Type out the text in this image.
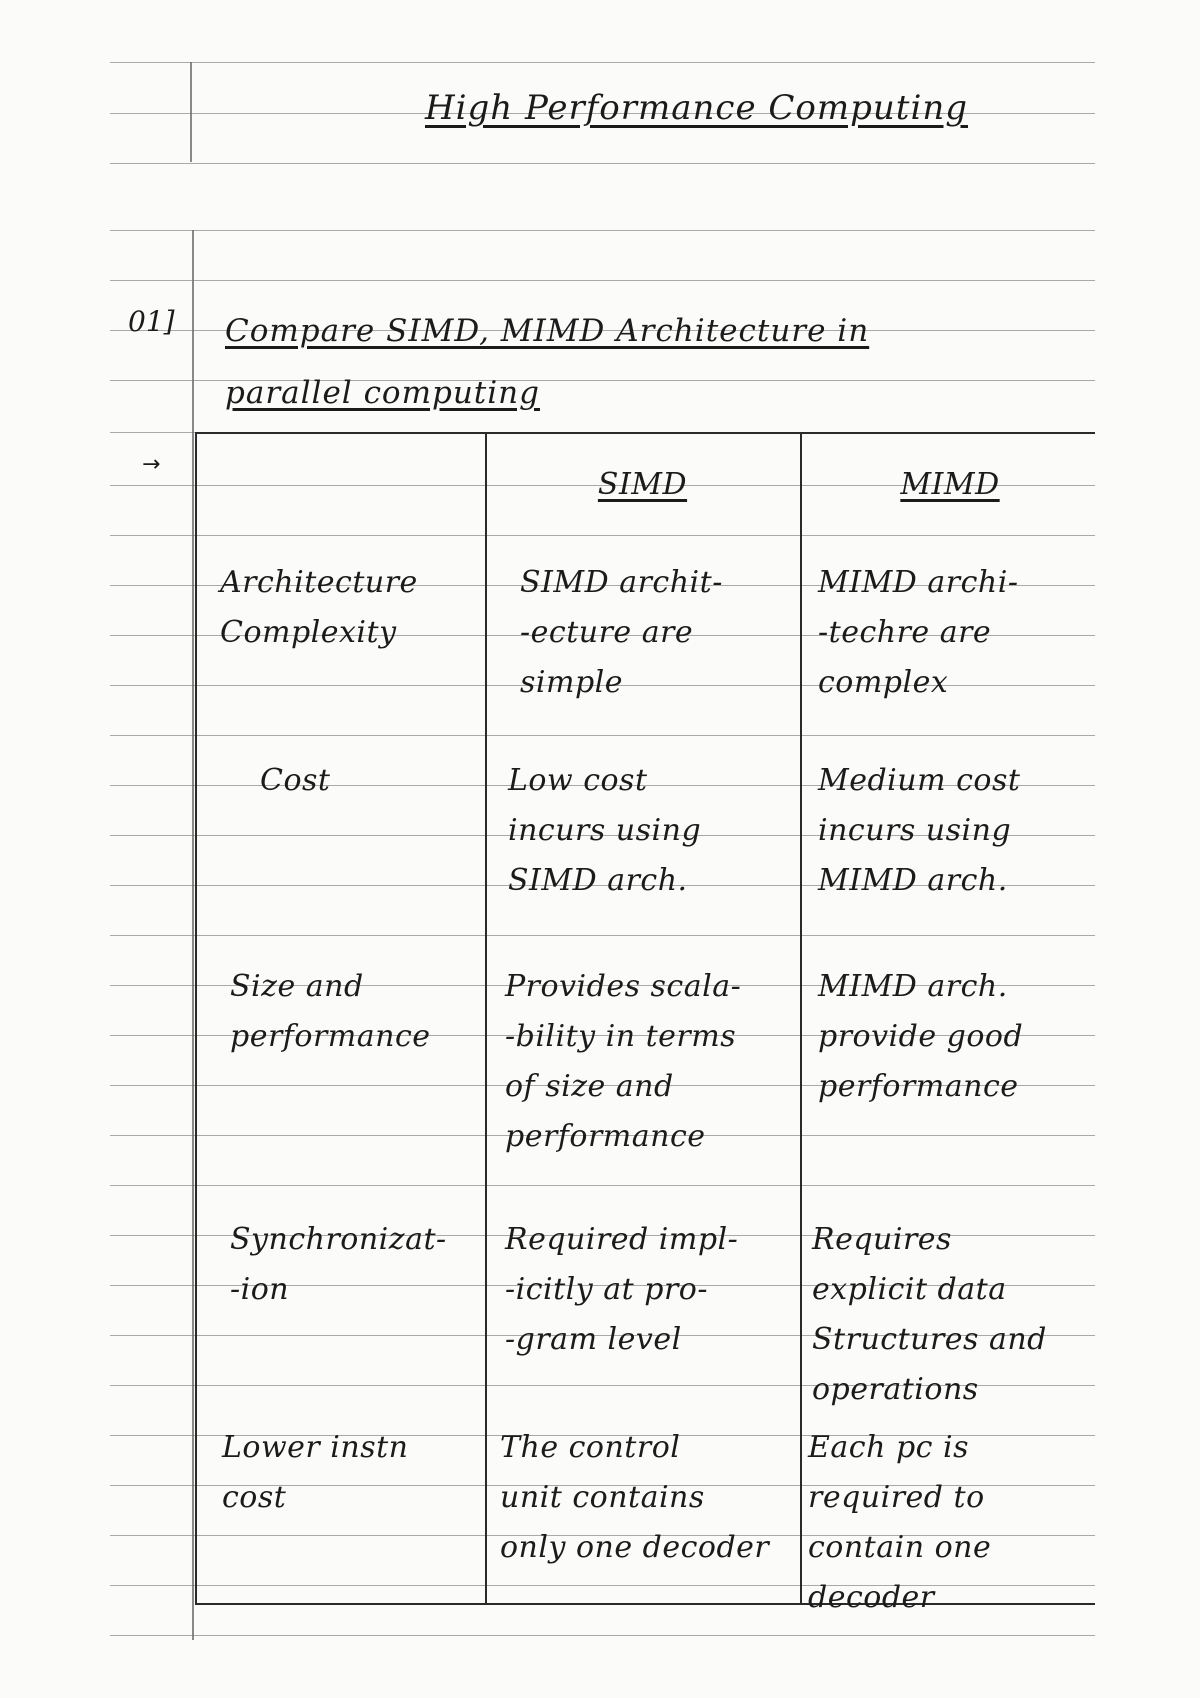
High Performance Computing
01] Compare SIMD, MIMD Architecture in
parallel computing
→
SIMD	MIMD
Architecture
Complexity
SIMD archit-
-ecture are
simple
MIMD archi-
-techre are
complex
Cost	Low cost
incurs using
SIMD arch.
Medium cost
incurs using
MIMD arch.
Size and
performance
Provides scala-
-bility in terms
of size and
performance
MIMD arch.
provide good
performance
Synchronizat-
-ion
Required impl-
-icitly at pro-
-gram level
Requires
explicit data
Structures and
operations
Lower instn
cost
The control
unit contains
only one decoder
Each pc is
required to
contain one
decoder
